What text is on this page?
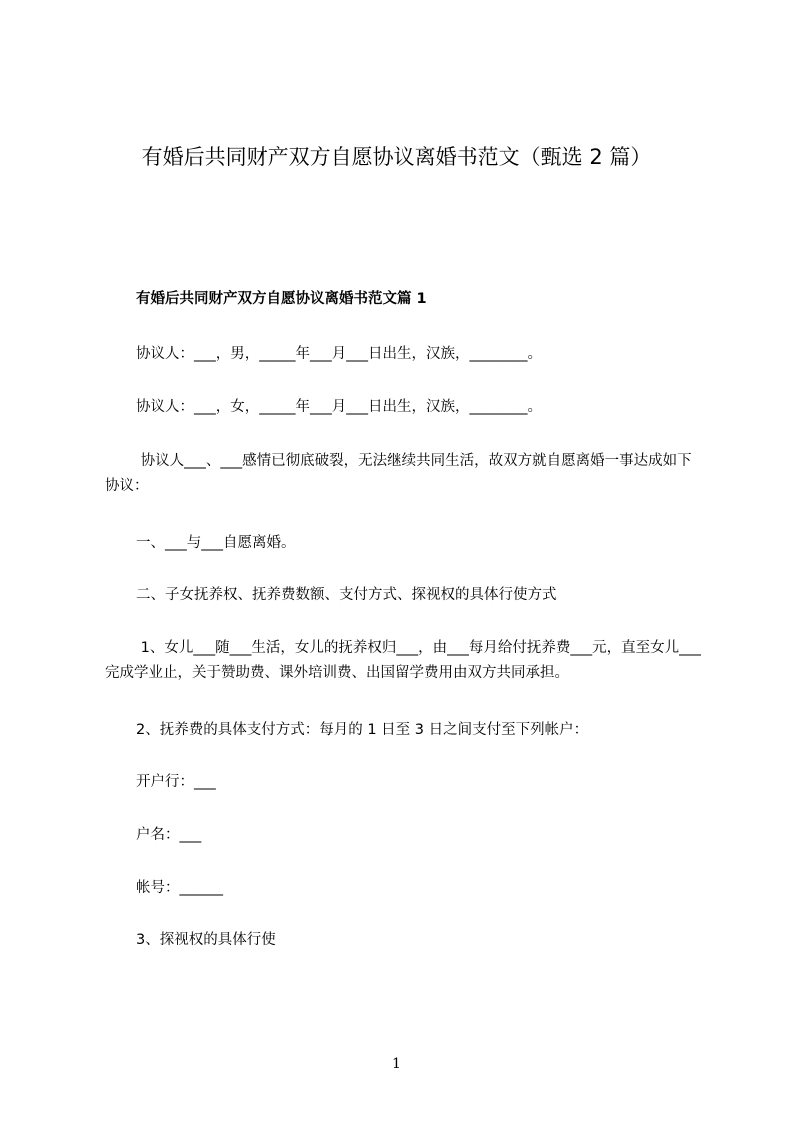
有婚后共同财产双方自愿协议离婚书范文（甄选 2 篇）
有婚后共同财产双方自愿协议离婚书范文篇 1

协议人：___，男，_____年___月___日出生，汉族，________。

协议人：___，女，_____年___月___日出生，汉族，________。

协议人___、___感情已彻底破裂，无法继续共同生活，故双方就自愿离婚一事达成如下协议：

一、___与___自愿离婚。

二、子女抚养权、抚养费数额、支付方式、探视权的具体行使方式

1、女儿___随___生活，女儿的抚养权归___，由___每月给付抚养费___元，直至女儿___完成学业止，关于赞助费、课外培训费、出国留学费用由双方共同承担。

2、抚养费的具体支付方式：每月的 1 日至 3 日之间支付至下列帐户：

开户行：___

户名：___

帐号：______

3、探视权的具体行使

1
